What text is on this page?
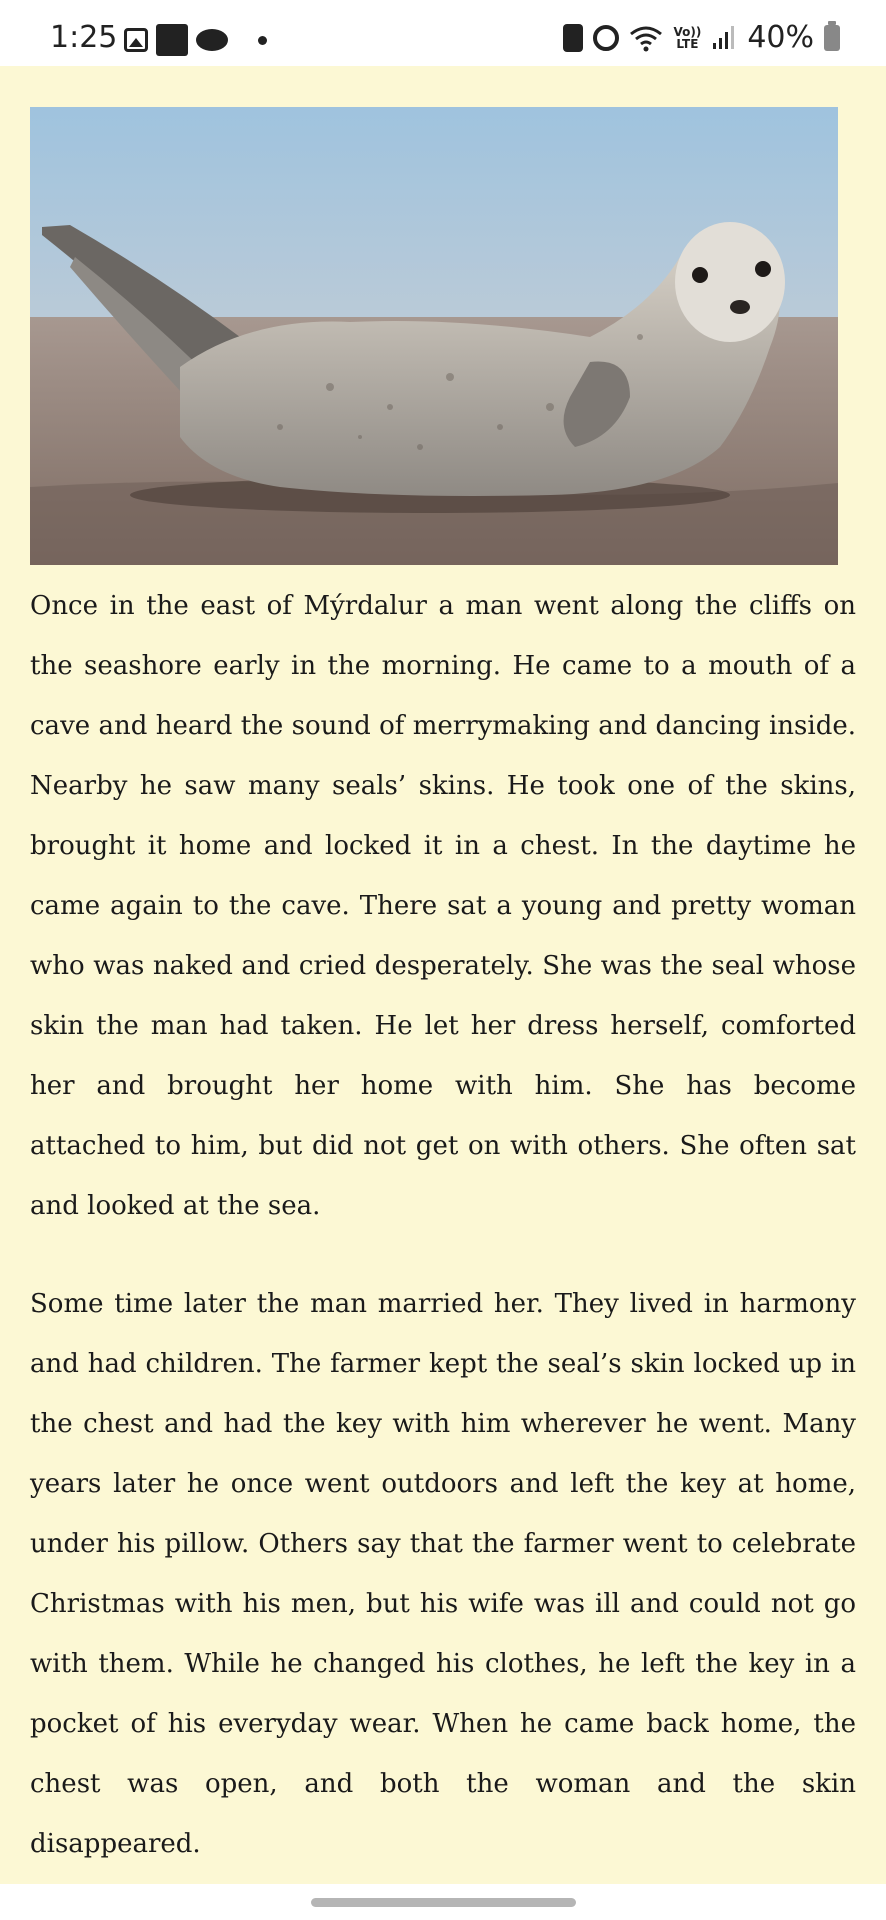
1:25	Vo))
LTE 40%

Once in the east of Mýrdalur a man went along the cliffs on the seashore early in the morning. He came to a mouth of a cave and heard the sound of merrymaking and dancing inside. Nearby he saw many seals’ skins. He took one of the skins, brought it home and locked it in a chest. In the daytime he came again to the cave. There sat a young and pretty woman who was naked and cried desperately. She was the seal whose skin the man had taken. He let her dress herself, comforted her and brought her home with him. She has become attached to him, but did not get on with others. She often sat and looked at the sea.

Some time later the man married her. They lived in harmony and had children. The farmer kept the seal’s skin locked up in the chest and had the key with him wherever he went. Many years later he once went outdoors and left the key at home, under his pillow. Others say that the farmer went to celebrate Christmas with his men, but his wife was ill and could not go with them. While he changed his clothes, he left the key in a pocket of his everyday wear. When he came back home, the chest was open, and both the woman and the skin disappeared.
